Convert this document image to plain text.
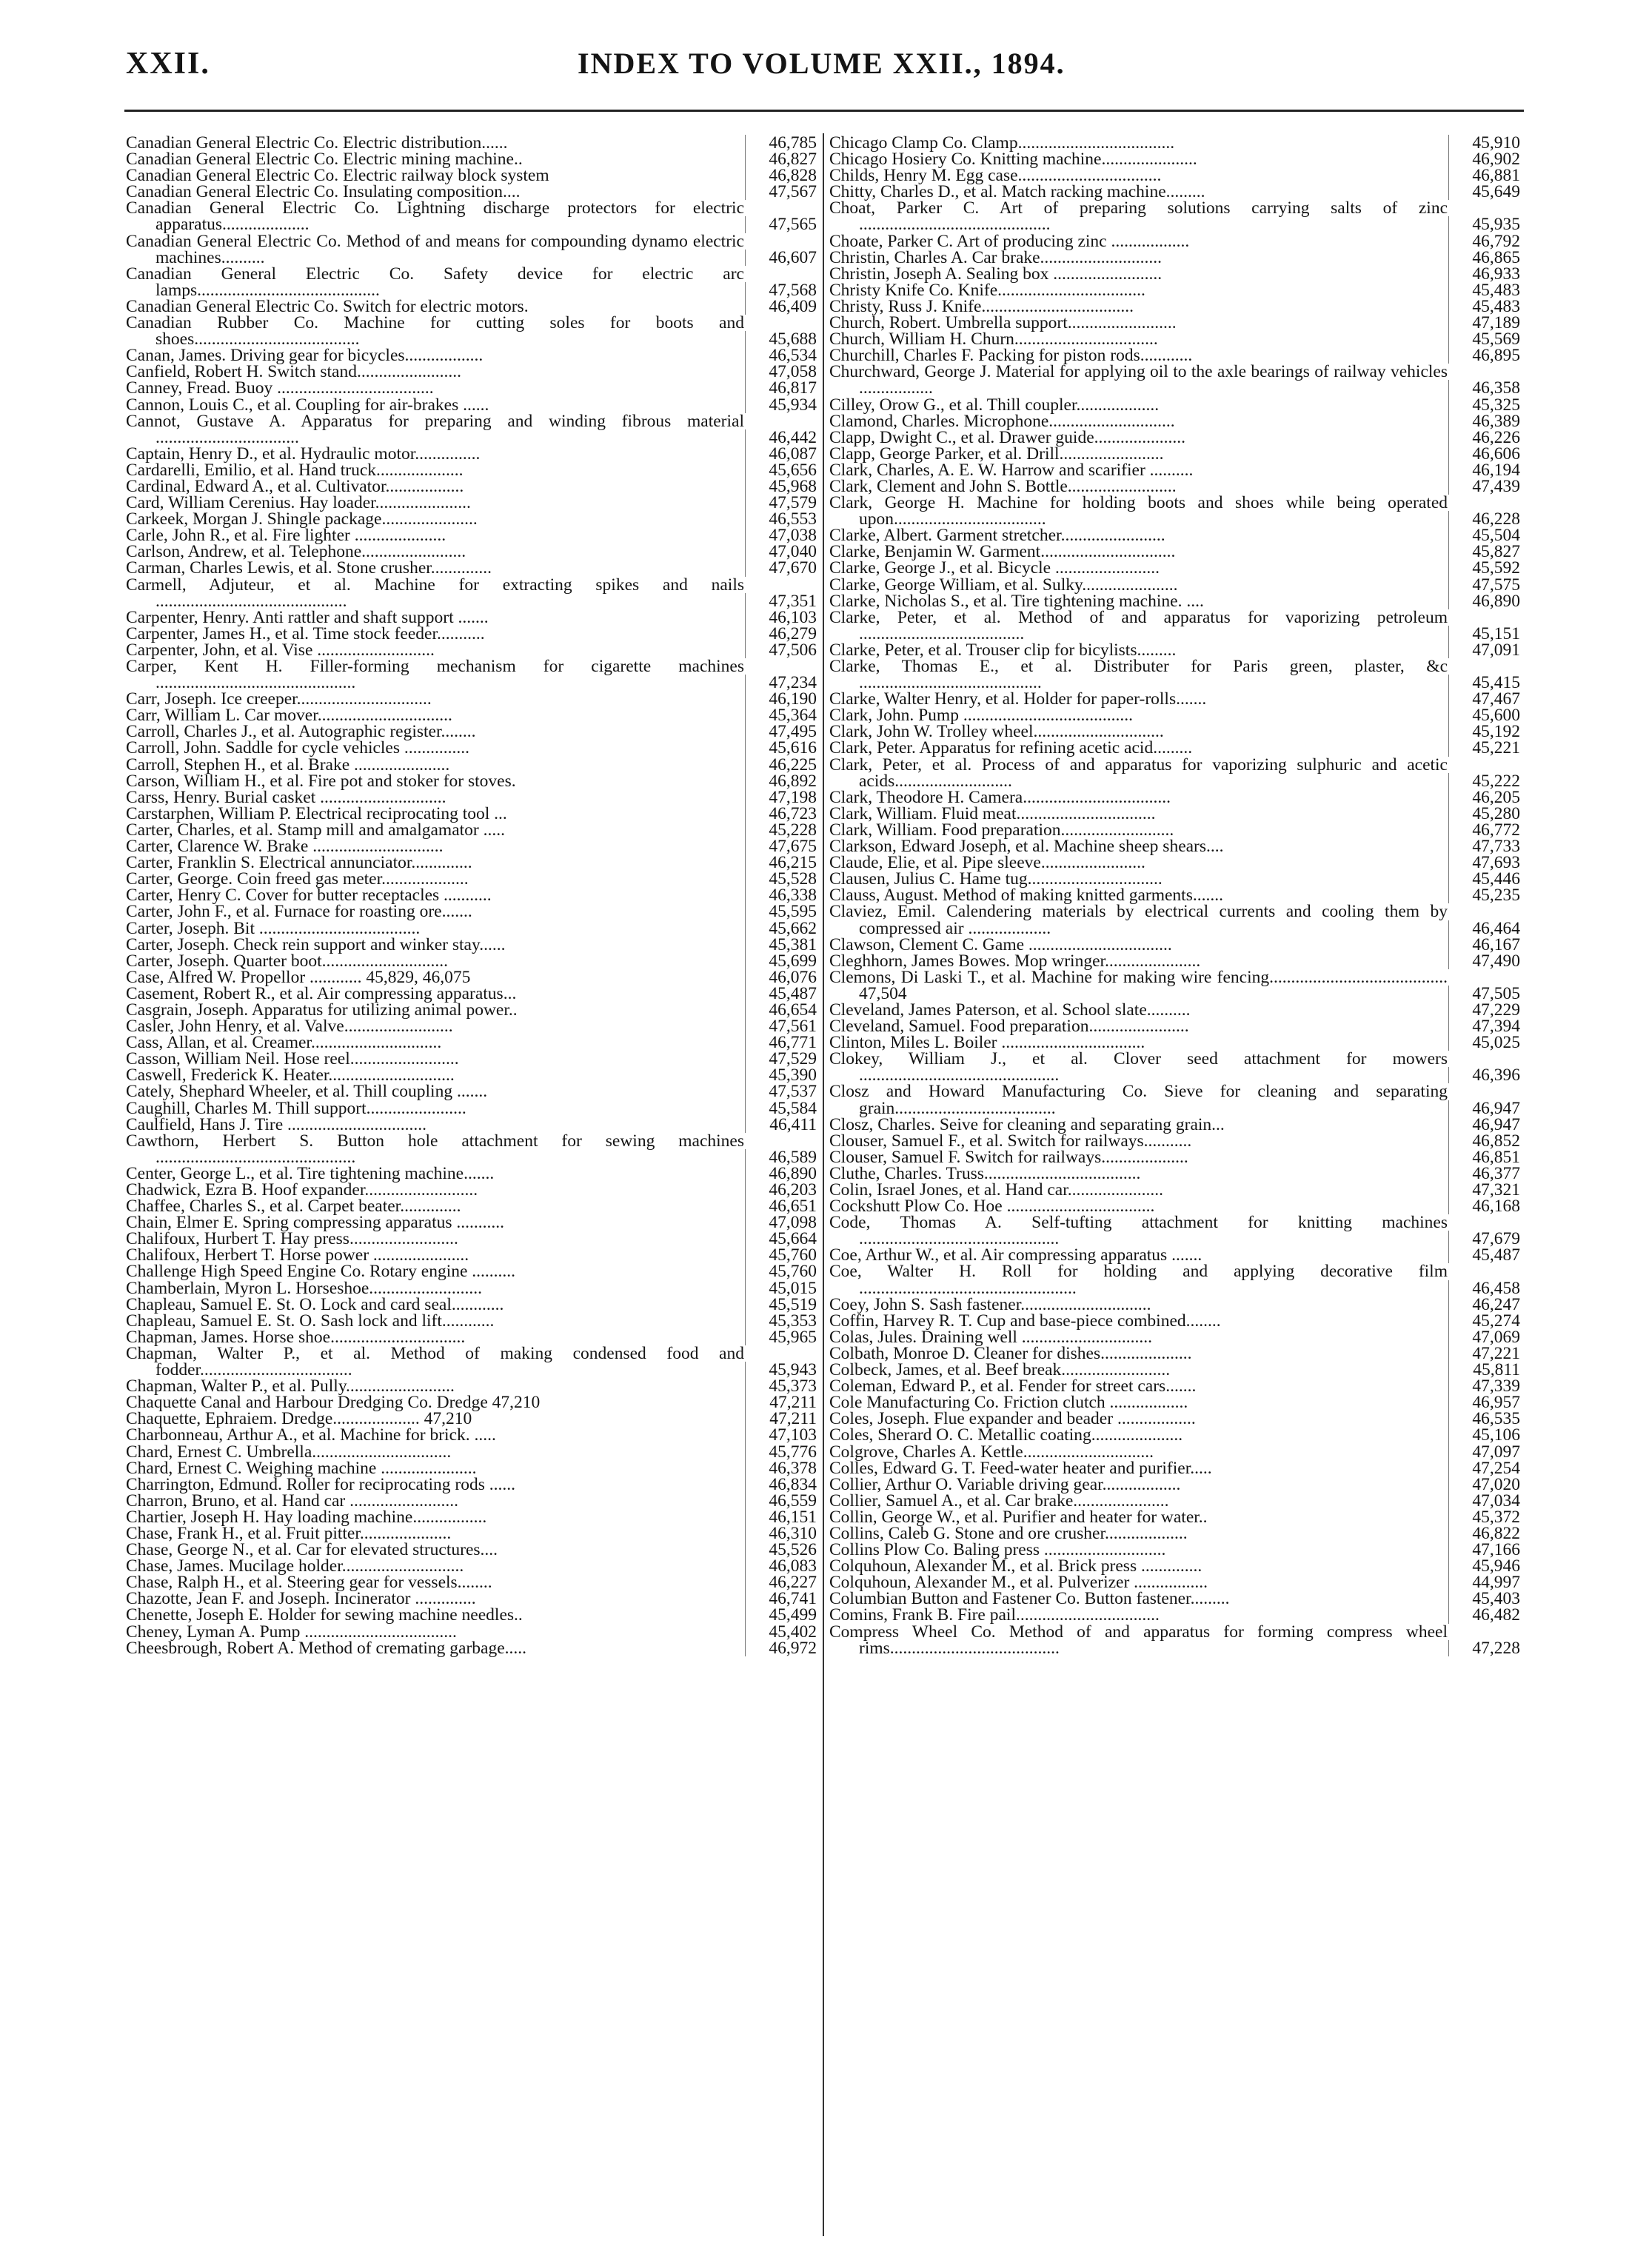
XXII.	INDEX TO VOLUME XXII., 1894.
Canadian General Electric Co. Electric distribution......	46,785
Canadian General Electric Co. Electric mining machine..	46,827
Canadian General Electric Co. Electric railway block system	46,828
Canadian General Electric Co. Insulating composition....	47,567
Canadian General Electric Co. Lightning discharge protectors for electric apparatus....................	47,565
Canadian General Electric Co. Method of and means for compounding dynamo electric machines..........	46,607
Canadian General Electric Co. Safety device for electric arc lamps..........................................	47,568
Canadian General Electric Co. Switch for electric motors.	46,409
Canadian Rubber Co. Machine for cutting soles for boots and shoes......................................	45,688
Canan, James. Driving gear for bicycles..................	46,534
Canfield, Robert H. Switch stand........................	47,058
Canney, Fread. Buoy ....................................	46,817
Cannon, Louis C., et al. Coupling for air-brakes ......	45,934
Cannot, Gustave A. Apparatus for preparing and winding fibrous material .................................	46,442
Captain, Henry D., et al. Hydraulic motor...............	46,087
Cardarelli, Emilio, et al. Hand truck....................	45,656
Cardinal, Edward A., et al. Cultivator..................	45,968
Card, William Cerenius. Hay loader......................	47,579
Carkeek, Morgan J. Shingle package......................	46,553
Carle, John R., et al. Fire lighter .....................	47,038
Carlson, Andrew, et al. Telephone........................	47,040
Carman, Charles Lewis, et al. Stone crusher..............	47,670
Carmell, Adjuteur, et al. Machine for extracting spikes and nails ............................................	47,351
Carpenter, Henry. Anti rattler and shaft support .......	46,103
Carpenter, James H., et al. Time stock feeder...........	46,279
Carpenter, John, et al. Vise ...........................	47,506
Carper, Kent H. Filler-forming mechanism for cigarette machines ..............................................	47,234
Carr, Joseph. Ice creeper...............................	46,190
Carr, William L. Car mover...............................	45,364
Carroll, Charles J., et al. Autographic register........	47,495
Carroll, John. Saddle for cycle vehicles ...............	45,616
Carroll, Stephen H., et al. Brake ......................	46,225
Carson, William H., et al. Fire pot and stoker for stoves.	46,892
Carss, Henry. Burial casket .............................	47,198
Carstarphen, William P. Electrical reciprocating tool ...	46,723
Carter, Charles, et al. Stamp mill and amalgamator .....	45,228
Carter, Clarence W. Brake ..............................	47,675
Carter, Franklin S. Electrical annunciator..............	46,215
Carter, George. Coin freed gas meter....................	45,528
Carter, Henry C. Cover for butter receptacles ...........	46,338
Carter, John F., et al. Furnace for roasting ore.......	45,595
Carter, Joseph. Bit .....................................	45,662
Carter, Joseph. Check rein support and winker stay......	45,381
Carter, Joseph. Quarter boot.............................	45,699
Case, Alfred W. Propellor ............ 45,829, 46,075	46,076
Casement, Robert R., et al. Air compressing apparatus...	45,487
Casgrain, Joseph. Apparatus for utilizing animal power..	46,654
Casler, John Henry, et al. Valve.........................	47,561
Cass, Allan, et al. Creamer..............................	46,771
Casson, William Neil. Hose reel.........................	47,529
Caswell, Frederick K. Heater.............................	45,390
Cately, Shephard Wheeler, et al. Thill coupling .......	47,537
Caughill, Charles M. Thill support.......................	45,584
Caulfield, Hans J. Tire ................................	46,411
Cawthorn, Herbert S. Button hole attachment for sewing machines ..............................................	46,589
Center, George L., et al. Tire tightening machine.......	46,890
Chadwick, Ezra B. Hoof expander..........................	46,203
Chaffee, Charles S., et al. Carpet beater..............	46,651
Chain, Elmer E. Spring compressing apparatus ...........	47,098
Chalifoux, Hurbert T. Hay press.........................	45,664
Chalifoux, Herbert T. Horse power ......................	45,760
Challenge High Speed Engine Co. Rotary engine ..........	45,760
Chamberlain, Myron L. Horseshoe..........................	45,015
Chapleau, Samuel E. St. O. Lock and card seal............	45,519
Chapleau, Samuel E. St. O. Sash lock and lift............	45,353
Chapman, James. Horse shoe...............................	45,965
Chapman, Walter P., et al. Method of making condensed food and fodder...................................	45,943
Chapman, Walter P., et al. Pully.........................	45,373
Chaquette Canal and Harbour Dredging Co. Dredge 47,210	47,211
Chaquette, Ephraiem. Dredge.................... 47,210	47,211
Charbonneau, Arthur A., et al. Machine for brick. .....	47,103
Chard, Ernest C. Umbrella................................	45,776
Chard, Ernest C. Weighing machine ......................	46,378
Charrington, Edmund. Roller for reciprocating rods ......	46,834
Charron, Bruno, et al. Hand car .........................	46,559
Chartier, Joseph H. Hay loading machine.................	46,151
Chase, Frank H., et al. Fruit pitter.....................	46,310
Chase, George N., et al. Car for elevated structures....	45,526
Chase, James. Mucilage holder............................	46,083
Chase, Ralph H., et al. Steering gear for vessels........	46,227
Chazotte, Jean F. and Joseph. Incinerator ..............	46,741
Chenette, Joseph E. Holder for sewing machine needles..	45,499
Cheney, Lyman A. Pump ...................................	45,402
Cheesbrough, Robert A. Method of cremating garbage.....	46,972
Chicago Clamp Co. Clamp....................................	45,910
Chicago Hosiery Co. Knitting machine......................	46,902
Childs, Henry M. Egg case.................................	46,881
Chitty, Charles D., et al. Match racking machine.........	45,649
Choat, Parker C. Art of preparing solutions carrying salts of zinc ............................................	45,935
Choate, Parker C. Art of producing zinc ..................	46,792
Christin, Charles A. Car brake............................	46,865
Christin, Joseph A. Sealing box .........................	46,933
Christy Knife Co. Knife..................................	45,483
Christy, Russ J. Knife...................................	45,483
Church, Robert. Umbrella support.........................	47,189
Church, William H. Churn.................................	45,569
Churchill, Charles F. Packing for piston rods............	46,895
Churchward, George J. Material for applying oil to the axle bearings of railway vehicles .................	46,358
Cilley, Orow G., et al. Thill coupler...................	45,325
Clamond, Charles. Microphone.............................	46,389
Clapp, Dwight C., et al. Drawer guide.....................	46,226
Clapp, George Parker, et al. Drill........................	46,606
Clark, Charles, A. E. W. Harrow and scarifier ..........	46,194
Clark, Clement and John S. Bottle.........................	47,439
Clark, George H. Machine for holding boots and shoes while being operated upon...................................	46,228
Clarke, Albert. Garment stretcher........................	45,504
Clarke, Benjamin W. Garment...............................	45,827
Clarke, George J., et al. Bicycle ........................	45,592
Clarke, George William, et al. Sulky......................	47,575
Clarke, Nicholas S., et al. Tire tightening machine. ....	46,890
Clarke, Peter, et al. Method of and apparatus for vaporizing petroleum ......................................	45,151
Clarke, Peter, et al. Trouser clip for bicylists.........	47,091
Clarke, Thomas E., et al. Distributer for Paris green, plaster, &c ..........................................	45,415
Clarke, Walter Henry, et al. Holder for paper-rolls.......	47,467
Clark, John. Pump .......................................	45,600
Clark, John W. Trolley wheel..............................	45,192
Clark, Peter. Apparatus for refining acetic acid.........	45,221
Clark, Peter, et al. Process of and apparatus for vaporizing sulphuric and acetic acids...........................	45,222
Clark, Theodore H. Camera..................................	46,205
Clark, William. Fluid meat................................	45,280
Clark, William. Food preparation..........................	46,772
Clarkson, Edward Joseph, et al. Machine sheep shears....	47,733
Claude, Elie, et al. Pipe sleeve........................	47,693
Clausen, Julius C. Hame tug...............................	45,446
Clauss, August. Method of making knitted garments.......	45,235
Claviez, Emil. Calendering materials by electrical currents and cooling them by compressed air ...................	46,464
Clawson, Clement C. Game .................................	46,167
Cleghhorn, James Bowes. Mop wringer......................	47,490
Clemons, Di Laski T., et al. Machine for making wire fencing......................................... 47,504	47,505
Cleveland, James Paterson, et al. School slate..........	47,229
Cleveland, Samuel. Food preparation.......................	47,394
Clinton, Miles L. Boiler .................................	45,025
Clokey, William J., et al. Clover seed attachment for mowers ..............................................	46,396
Closz and Howard Manufacturing Co. Sieve for cleaning and separating grain.....................................	46,947
Closz, Charles. Seive for cleaning and separating grain...	46,947
Clouser, Samuel F., et al. Switch for railways...........	46,852
Clouser, Samuel F. Switch for railways....................	46,851
Cluthe, Charles. Truss....................................	46,377
Colin, Israel Jones, et al. Hand car......................	47,321
Cockshutt Plow Co. Hoe ..................................	46,168
Code, Thomas A. Self-tufting attachment for knitting machines ..............................................	47,679
Coe, Arthur W., et al. Air compressing apparatus .......	45,487
Coe, Walter H. Roll for holding and applying decorative film ..................................................	46,458
Coey, John S. Sash fastener..............................	46,247
Coffin, Harvey R. T. Cup and base-piece combined........	45,274
Colas, Jules. Draining well ..............................	47,069
Colbath, Monroe D. Cleaner for dishes.....................	47,221
Colbeck, James, et al. Beef break.........................	45,811
Coleman, Edward P., et al. Fender for street cars.......	47,339
Cole Manufacturing Co. Friction clutch ..................	46,957
Coles, Joseph. Flue expander and beader ..................	46,535
Coles, Sherard O. C. Metallic coating.....................	45,106
Colgrove, Charles A. Kettle..............................	47,097
Colles, Edward G. T. Feed-water heater and purifier.....	47,254
Collier, Arthur O. Variable driving gear..................	47,020
Collier, Samuel A., et al. Car brake......................	47,034
Collin, George W., et al. Purifier and heater for water..	45,372
Collins, Caleb G. Stone and ore crusher...................	46,822
Collins Plow Co. Baling press ............................	47,166
Colquhoun, Alexander M., et al. Brick press ..............	45,946
Colquhoun, Alexander M., et al. Pulverizer .................	44,997
Columbian Button and Fastener Co. Button fastener.........	45,403
Comins, Frank B. Fire pail.................................	46,482
Compress Wheel Co. Method of and apparatus for forming compress wheel rims.......................................	47,228
